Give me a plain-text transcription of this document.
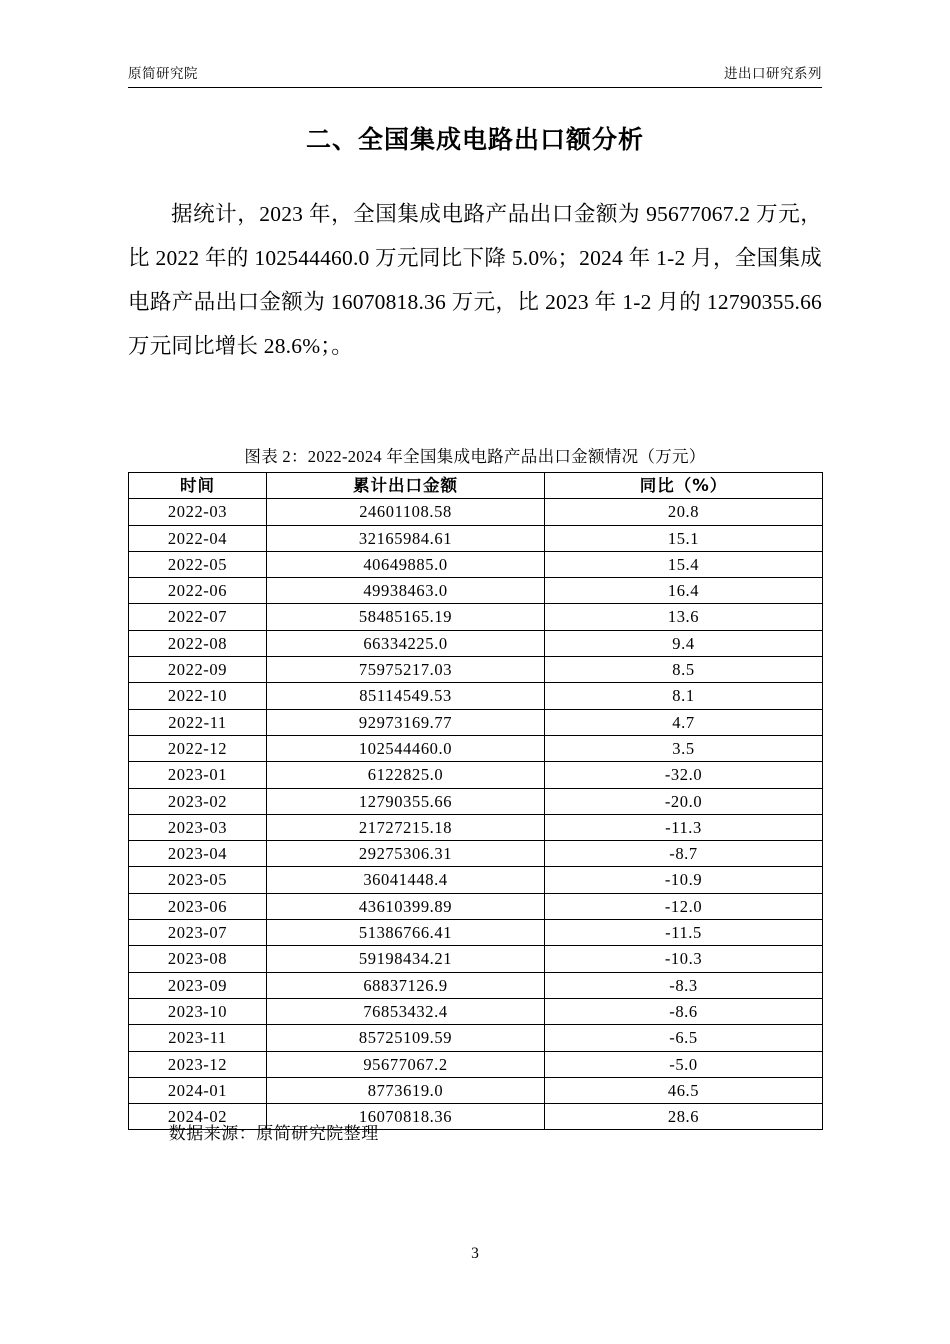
原简研究院	进出口研究系列
二、全国集成电路出口额分析
据统计，2023 年，全国集成电路产品出口金额为 95677067.2 万元，比 2022 年的 102544460.0 万元同比下降 5.0%；2024 年 1-2 月，全国集成电路产品出口金额为 16070818.36 万元，比 2023 年 1-2 月的 12790355.66 万元同比增长 28.6%；。
图表 2：2022-2024 年全国集成电路产品出口金额情况（万元）
时间	累计出口金额	同比（%）
2022-03	24601108.58	20.8
2022-04	32165984.61	15.1
2022-05	40649885.0	15.4
2022-06	49938463.0	16.4
2022-07	58485165.19	13.6
2022-08	66334225.0	9.4
2022-09	75975217.03	8.5
2022-10	85114549.53	8.1
2022-11	92973169.77	4.7
2022-12	102544460.0	3.5
2023-01	6122825.0	-32.0
2023-02	12790355.66	-20.0
2023-03	21727215.18	-11.3
2023-04	29275306.31	-8.7
2023-05	36041448.4	-10.9
2023-06	43610399.89	-12.0
2023-07	51386766.41	-11.5
2023-08	59198434.21	-10.3
2023-09	68837126.9	-8.3
2023-10	76853432.4	-8.6
2023-11	85725109.59	-6.5
2023-12	95677067.2	-5.0
2024-01	8773619.0	46.5
2024-02	16070818.36	28.6
数据来源：原简研究院整理
3
